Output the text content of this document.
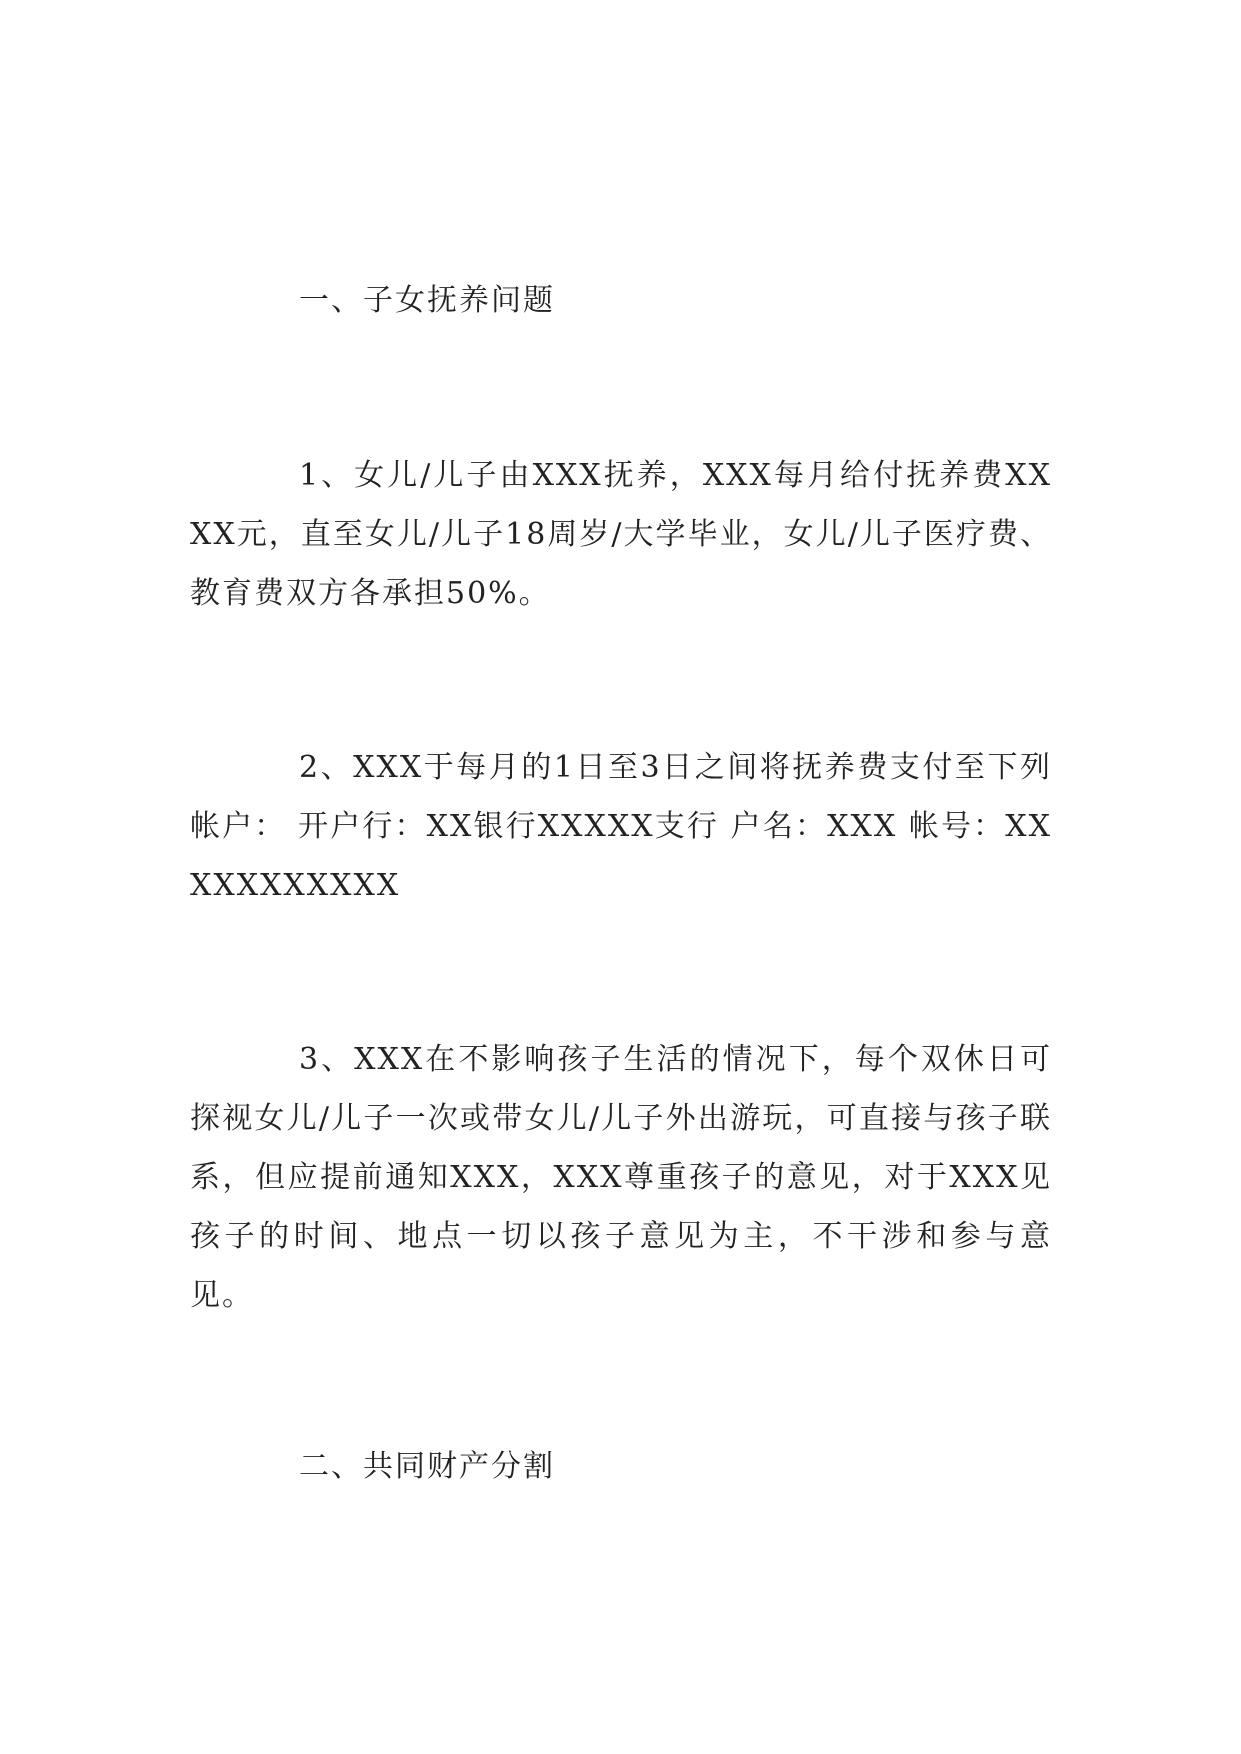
一、子女抚养问题
1、女儿/儿子由XXX抚养，XXX每月给付抚养费XXXX元，直至女儿/儿子18周岁/大学毕业，女儿/儿子医疗费、教育费双方各承担50%。
2、XXX于每月的1日至3日之间将抚养费支付至下列帐户： 开户行：XX银行XXXXX支行 户名：XXX 帐号：XXXXXXXXXXX
3、XXX在不影响孩子生活的情况下，每个双休日可探视女儿/儿子一次或带女儿/儿子外出游玩，可直接与孩子联系，但应提前通知XXX，XXX尊重孩子的意见，对于XXX见孩子的时间、地点一切以孩子意见为主，不干涉和参与意见。
二、共同财产分割
